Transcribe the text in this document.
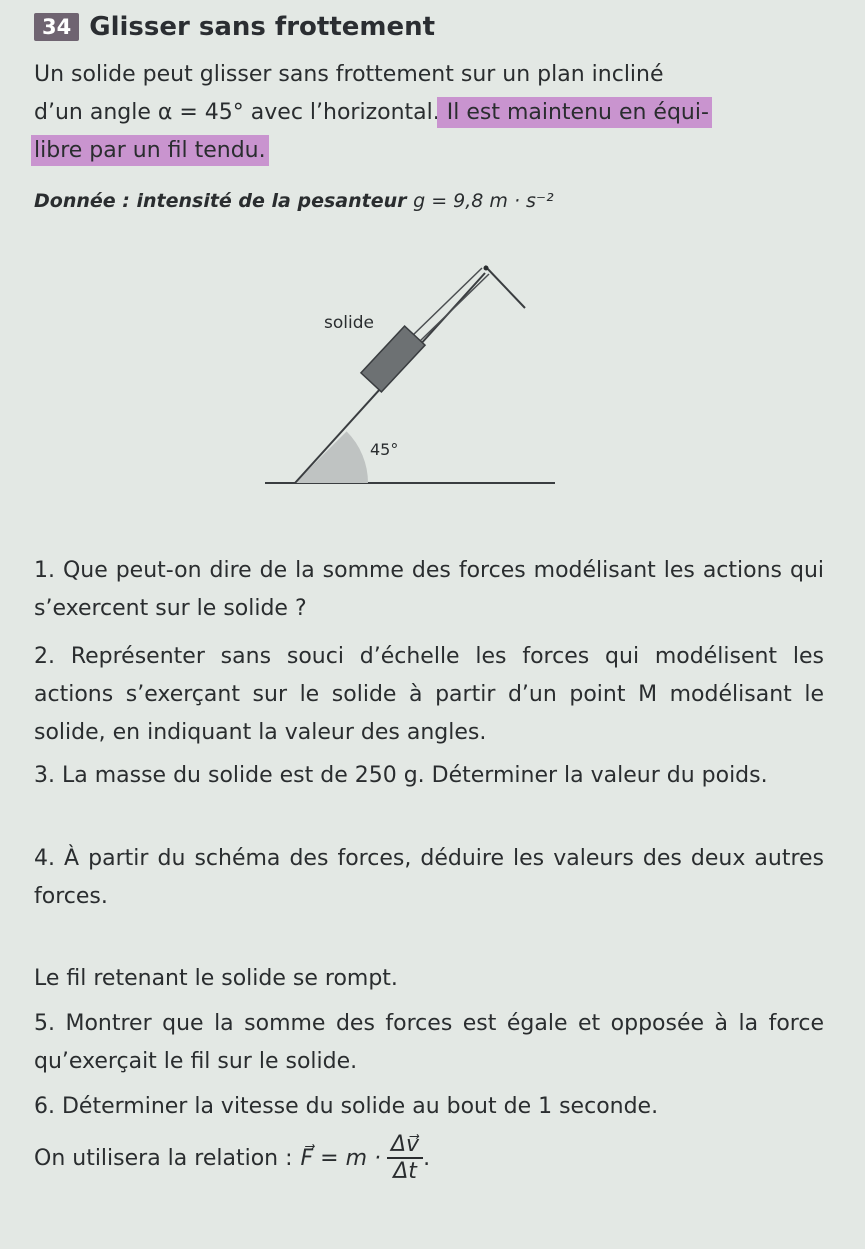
34 Glisser sans frottement
Un solide peut glisser sans frottement sur un plan incliné
d’un angle α = 45° avec l’horizontal. Il est maintenu en équi-
libre par un fil tendu.
Donnée : intensité de la pesanteur g = 9,8 m · s⁻²
solide
45°
1. Que peut-on dire de la somme des forces modélisant les actions qui s’exercent sur le solide ?
2. Représenter sans souci d’échelle les forces qui modélisent les actions s’exerçant sur le solide à partir d’un point M modélisant le solide, en indiquant la valeur des angles.
3. La masse du solide est de 250 g. Déterminer la valeur du poids.
4. À partir du schéma des forces, déduire les valeurs des deux autres forces.
Le fil retenant le solide se rompt.
5. Montrer que la somme des forces est égale et opposée à la force qu’exerçait le fil sur le solide.
6. Déterminer la vitesse du solide au bout de 1 seconde.
On utilisera la relation : F⃗ = $m \cdot \frac{\Delta v⃗}{\Delta t}$ .
